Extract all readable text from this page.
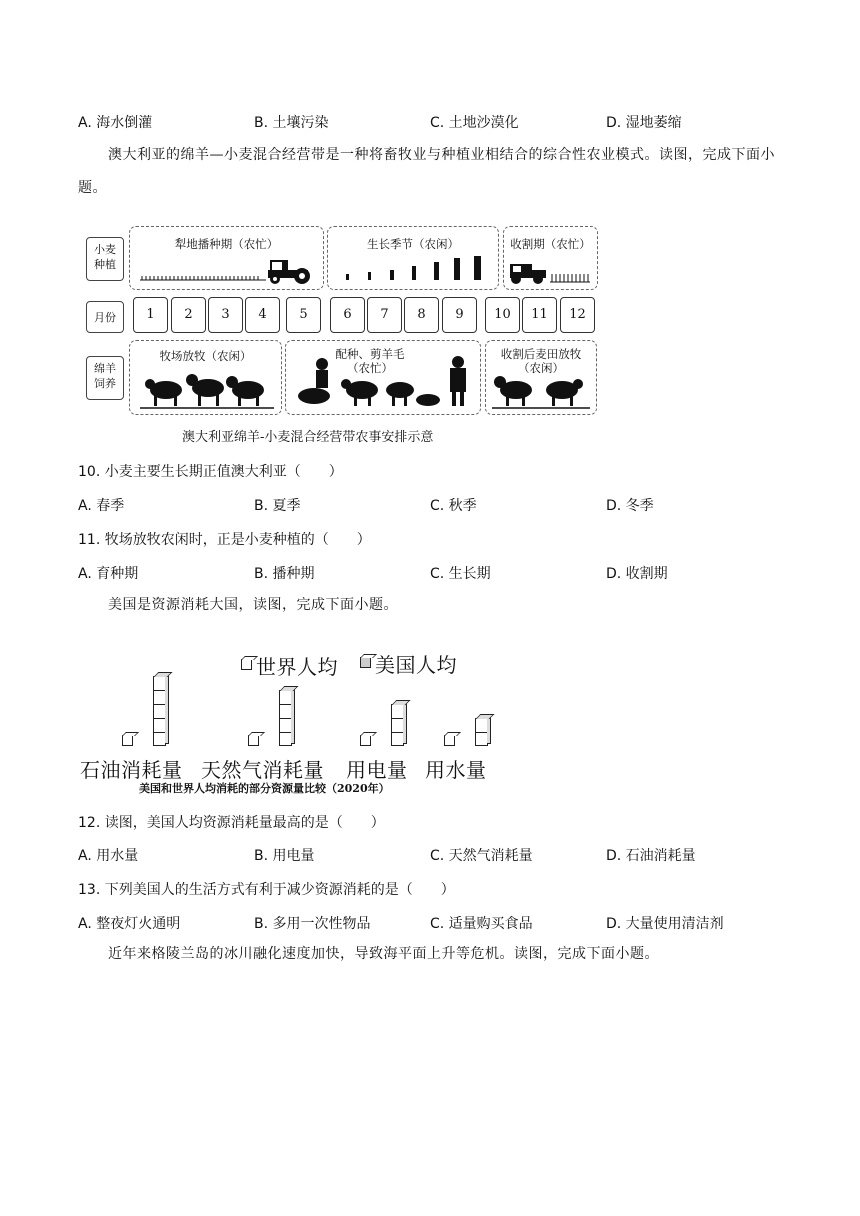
A. 海水倒灌	B. 土壤污染	C. 土地沙漠化	D. 湿地萎缩
澳大利亚的绵羊—小麦混合经营带是一种将畜牧业与种植业相结合的综合性农业模式。读图，完成下面小题。
小麦
种植
月份
绵羊
饲养
犁地播种期（农忙）	生长季节（农闲）	收割期（农忙）
1	2	3	4	5	6	7	8	9	10	11	12
牧场放牧（农闲）	配种、剪羊毛
（农忙）
收割后麦田放牧
（农闲）
澳大利亚绵羊-小麦混合经营带农事安排示意
10. 小麦主要生长期正值澳大利亚（　　）
A. 春季	B. 夏季	C. 秋季	D. 冬季
11. 牧场放牧农闲时，正是小麦种植的（　　）
A. 育种期	B. 播种期	C. 生长期	D. 收割期
美国是资源消耗大国，读图，完成下面小题。
世界人均 美国人均
石油消耗量 天然气消耗量 用电量 用水量
美国和世界人均消耗的部分资源量比较（2020年）
12. 读图，美国人均资源消耗量最高的是（　　）
A. 用水量	B. 用电量	C. 天然气消耗量	D. 石油消耗量
13. 下列美国人的生活方式有利于减少资源消耗的是（　　）
A. 整夜灯火通明	B. 多用一次性物品	C. 适量购买食品	D. 大量使用清洁剂
近年来格陵兰岛的冰川融化速度加快，导致海平面上升等危机。读图，完成下面小题。
